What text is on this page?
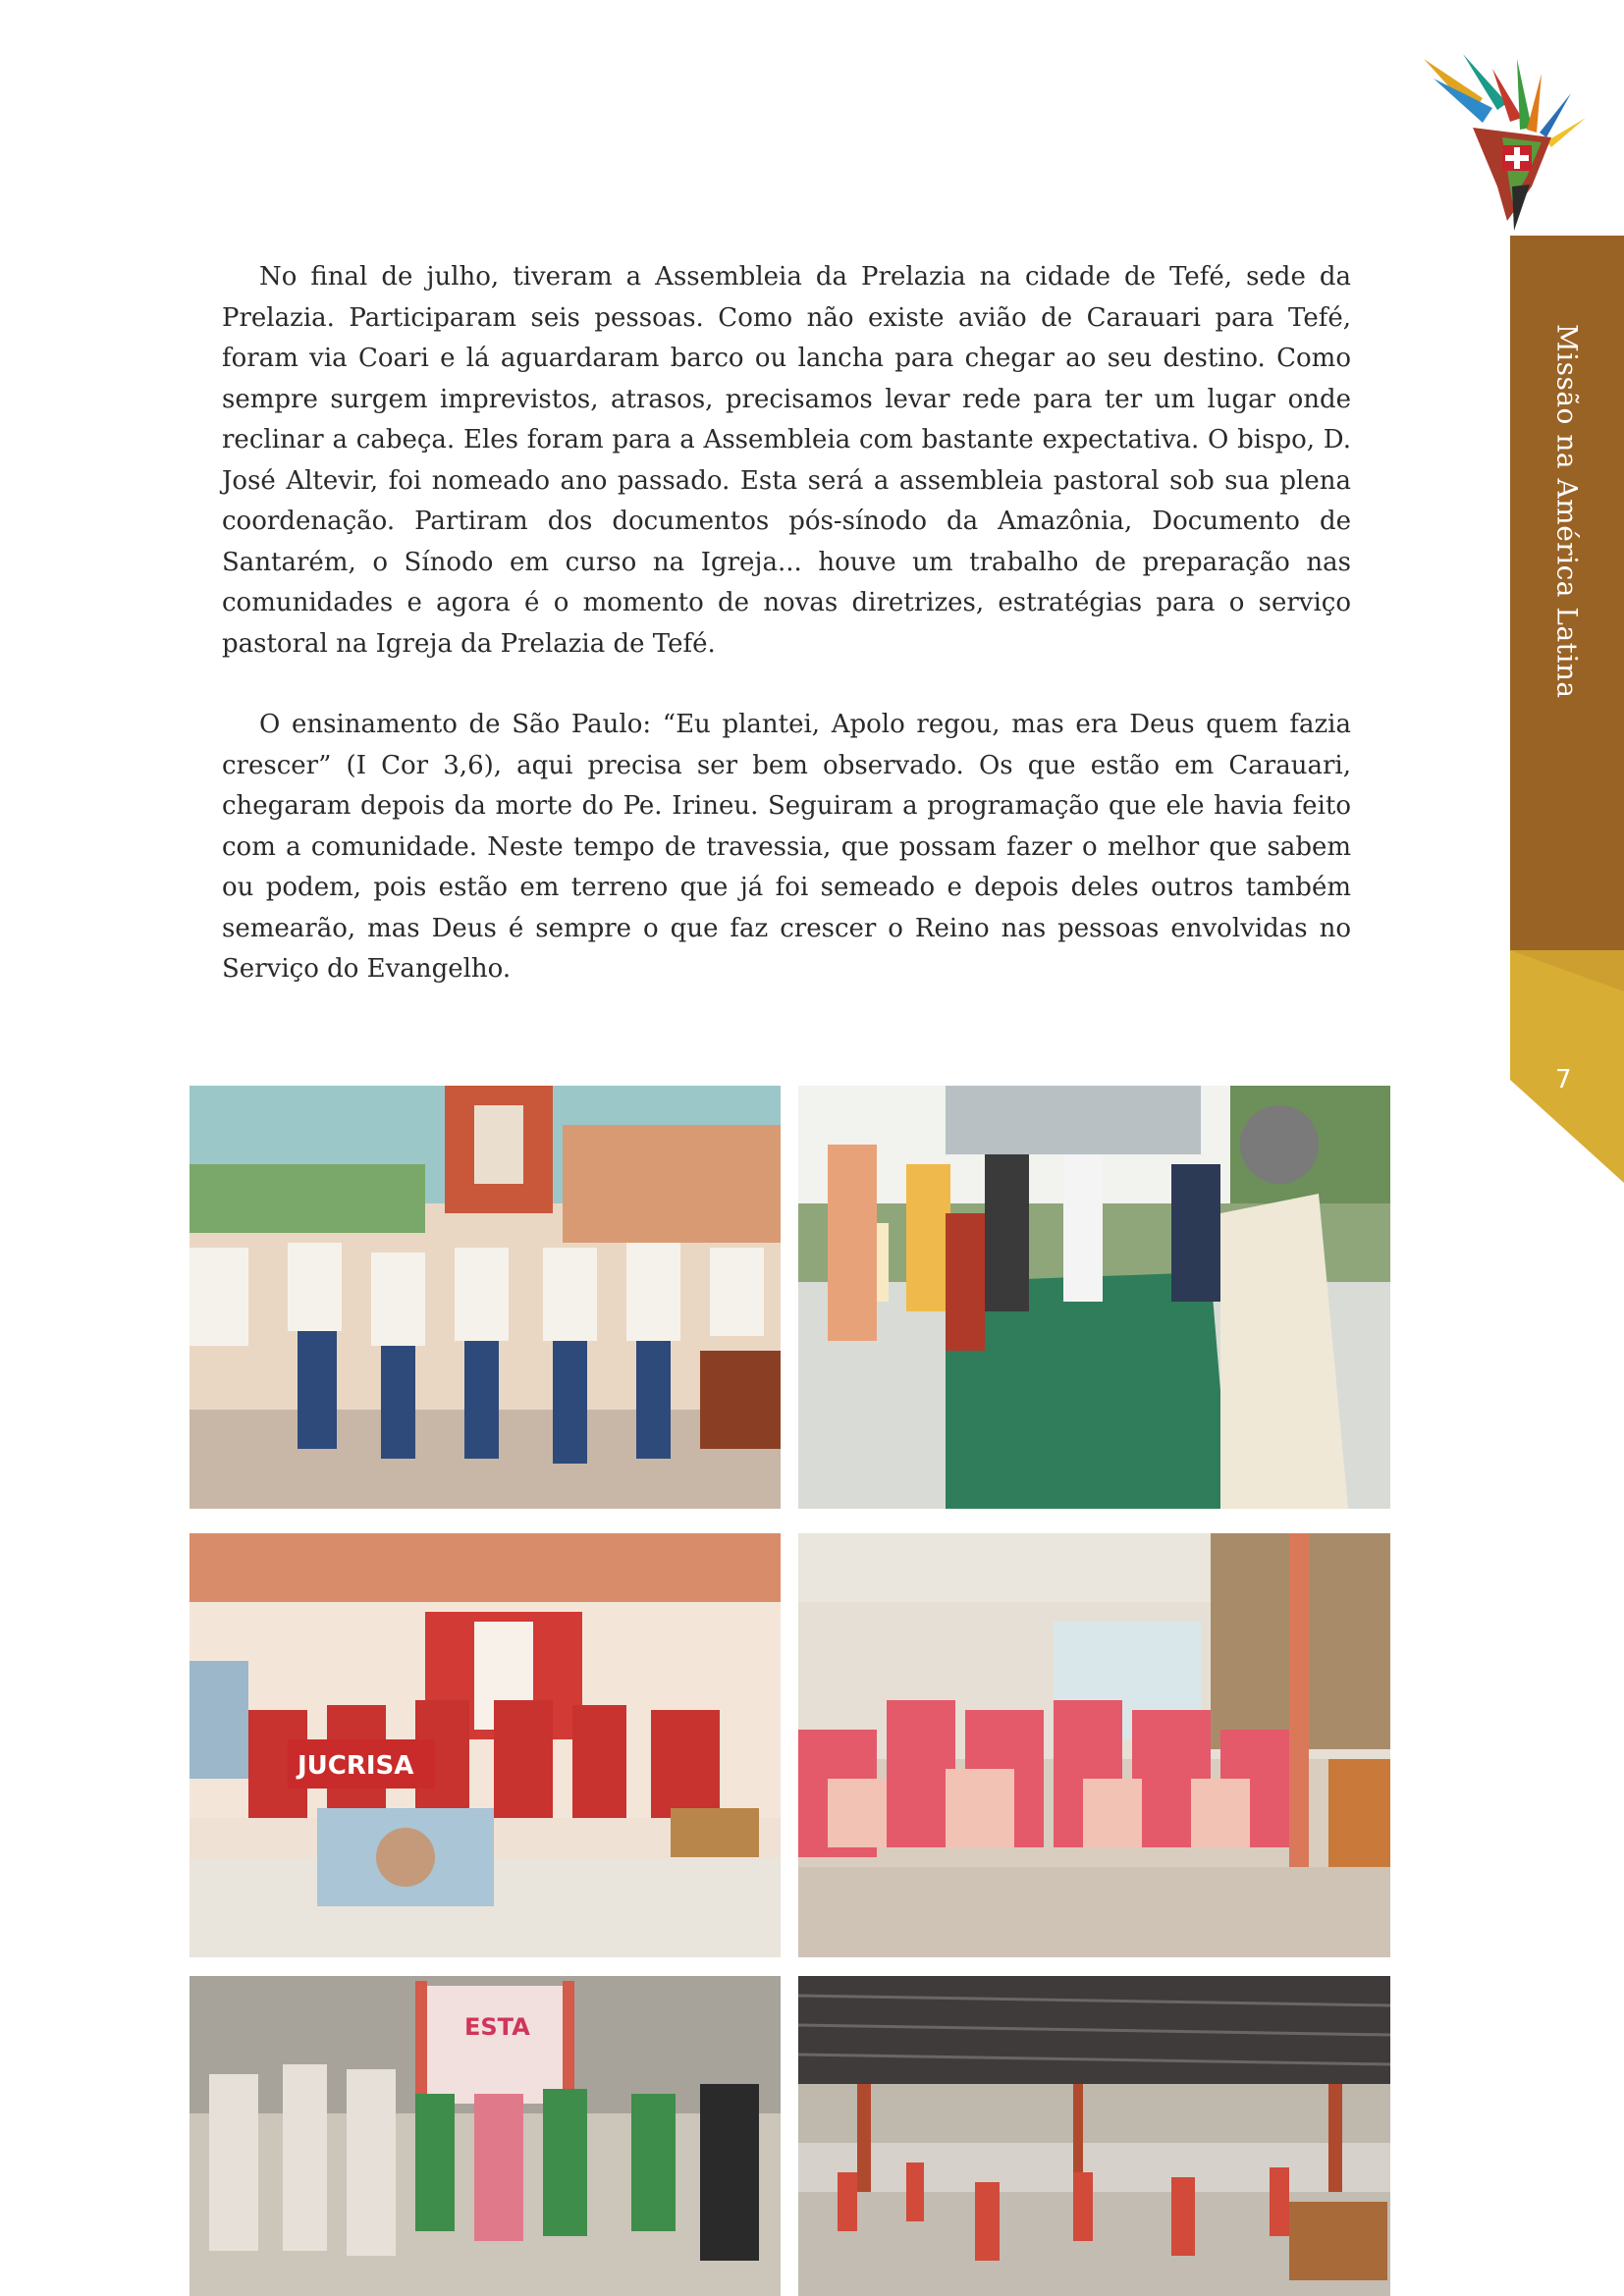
Missão na América Latina
7

No final de julho, tiveram a Assembleia da Prelazia na cidade de Tefé, sede da Prelazia. Participaram seis pessoas. Como não existe avião de Carauari para Tefé, foram via Coari e lá aguardaram barco ou lancha para chegar ao seu destino. Como sempre surgem imprevistos, atrasos, precisamos levar rede para ter um lugar onde reclinar a cabeça. Eles foram para a Assembleia com bastante expectativa. O bispo, D. José Altevir, foi nomeado ano passado. Esta será a assembleia pastoral sob sua plena coordenação. Partiram dos documentos pós-sínodo da Amazônia, Documento de Santarém, o Sínodo em curso na Igreja... houve um trabalho de preparação nas comunidades e agora é o momento de novas diretrizes, estratégias para o serviço pastoral na Igreja da Prelazia de Tefé.

O ensinamento de São Paulo: “Eu plantei, Apolo regou, mas era Deus quem fazia crescer” (I Cor 3,6), aqui precisa ser bem observado. Os que estão em Carauari, chegaram depois da morte do Pe. Irineu. Seguiram a programação que ele havia feito com a comunidade. Neste tempo de travessia, que possam fazer o melhor que sabem ou podem, pois estão em terreno que já foi semeado e depois deles outros também semearão, mas Deus é sempre o que faz crescer o Reino nas pessoas envolvidas no Serviço do Evangelho.

JUCRISA
ESTA
